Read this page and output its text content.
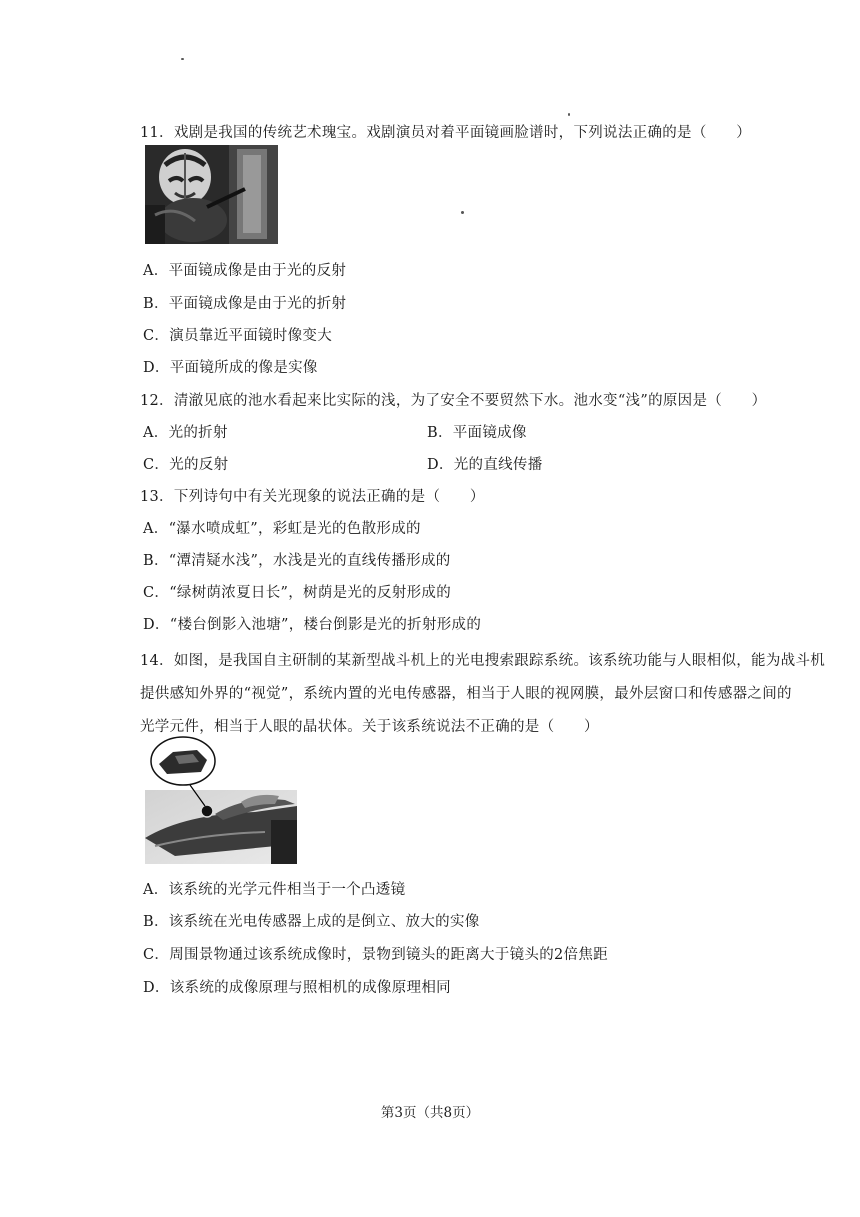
11．戏剧是我国的传统艺术瑰宝。戏剧演员对着平面镜画脸谱时，下列说法正确的是（　　）
A．平面镜成像是由于光的反射
B．平面镜成像是由于光的折射
C．演员靠近平面镜时像变大
D．平面镜所成的像是实像
12．清澈见底的池水看起来比实际的浅，为了安全不要贸然下水。池水变“浅”的原因是（　　）
A．光的折射	B．平面镜成像
C．光的反射	D．光的直线传播
13．下列诗句中有关光现象的说法正确的是（　　）
A．“瀑水喷成虹”，彩虹是光的色散形成的
B．“潭清疑水浅”，水浅是光的直线传播形成的
C．“绿树荫浓夏日长”，树荫是光的反射形成的
D．“楼台倒影入池塘”，楼台倒影是光的折射形成的
14．如图，是我国自主研制的某新型战斗机上的光电搜索跟踪系统。该系统功能与人眼相似，能为战斗机
提供感知外界的“视觉”，系统内置的光电传感器，相当于人眼的视网膜，最外层窗口和传感器之间的
光学元件，相当于人眼的晶状体。关于该系统说法不正确的是（　　）
A．该系统的光学元件相当于一个凸透镜
B．该系统在光电传感器上成的是倒立、放大的实像
C．周围景物通过该系统成像时，景物到镜头的距离大于镜头的2倍焦距
D．该系统的成像原理与照相机的成像原理相同
第3页（共8页）
